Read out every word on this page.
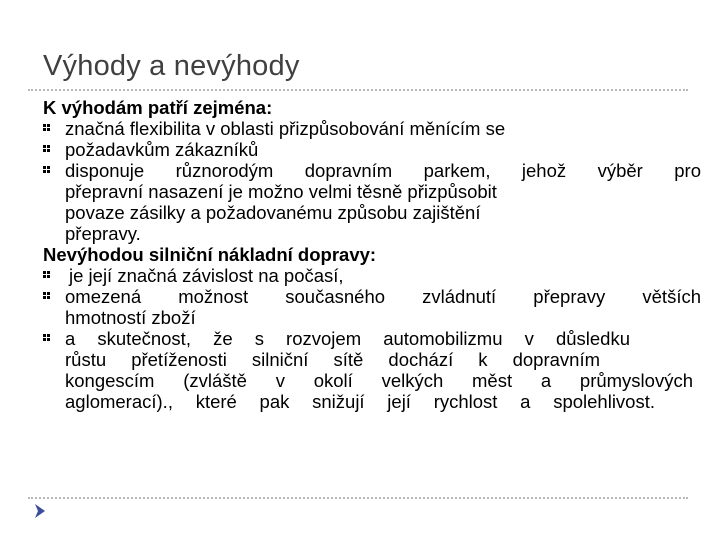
Výhody a nevýhody
K výhodám patří zejména:
značná flexibilita v oblasti přizpůsobování měnícím se
požadavkům zákazníků
disponuje různorodým dopravním parkem, jehož výběr pro
přepravní nasazení je možno velmi těsně přizpůsobit
povaze zásilky a požadovanému způsobu zajištění
přepravy.
Nevýhodou silniční nákladní dopravy:
je její značná závislost na počasí,
omezená možnost současného zvládnutí přepravy větších
hmotností zboží
a skutečnost, že s rozvojem automobilizmu v důsledku
růstu přetíženosti silniční sítě dochází k dopravním
kongescím (zvláště v okolí velkých měst a průmyslových
aglomerací)., které pak snižují její rychlost a spolehlivost.
